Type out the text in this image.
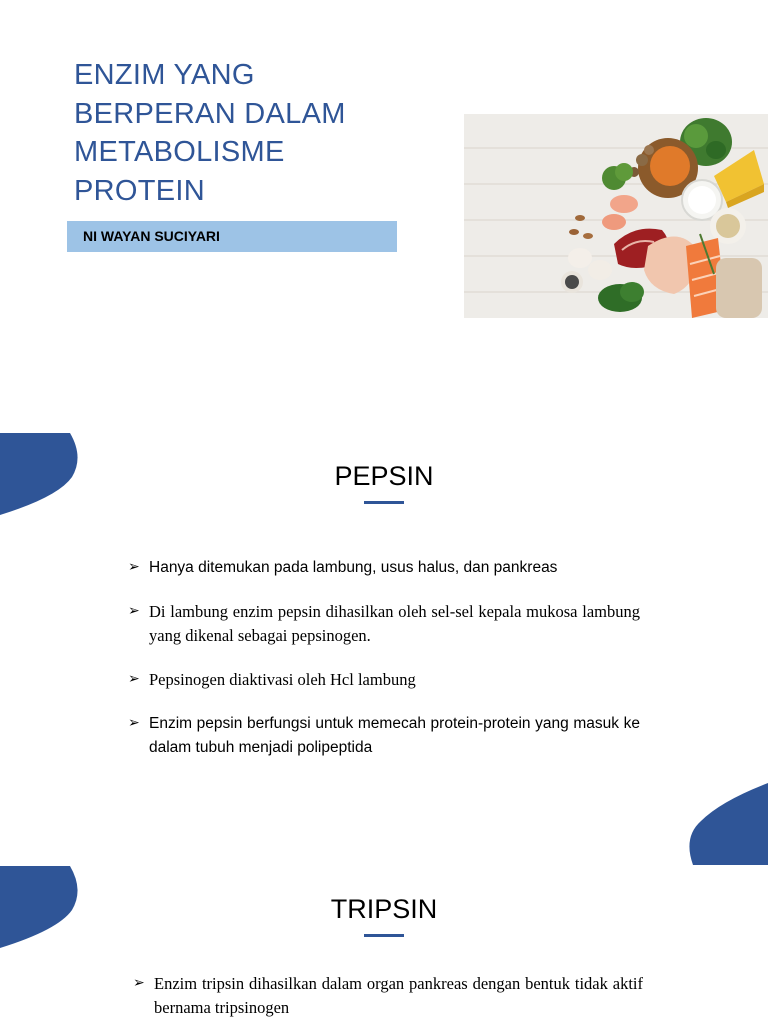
ENZIM YANG
BERPERAN DALAM
METABOLISME
PROTEIN
NI WAYAN SUCIYARI
PEPSIN
➢ Hanya ditemukan pada lambung, usus halus, dan pankreas
➢ Di lambung enzim pepsin dihasilkan oleh sel-sel kepala mukosa lambung yang dikenal sebagai pepsinogen.
➢ Pepsinogen diaktivasi oleh Hcl lambung
➢ Enzim pepsin berfungsi untuk memecah protein-protein yang masuk ke dalam tubuh menjadi polipeptida
TRIPSIN
➢ Enzim tripsin dihasilkan dalam organ pankreas dengan bentuk tidak aktif bernama tripsinogen
